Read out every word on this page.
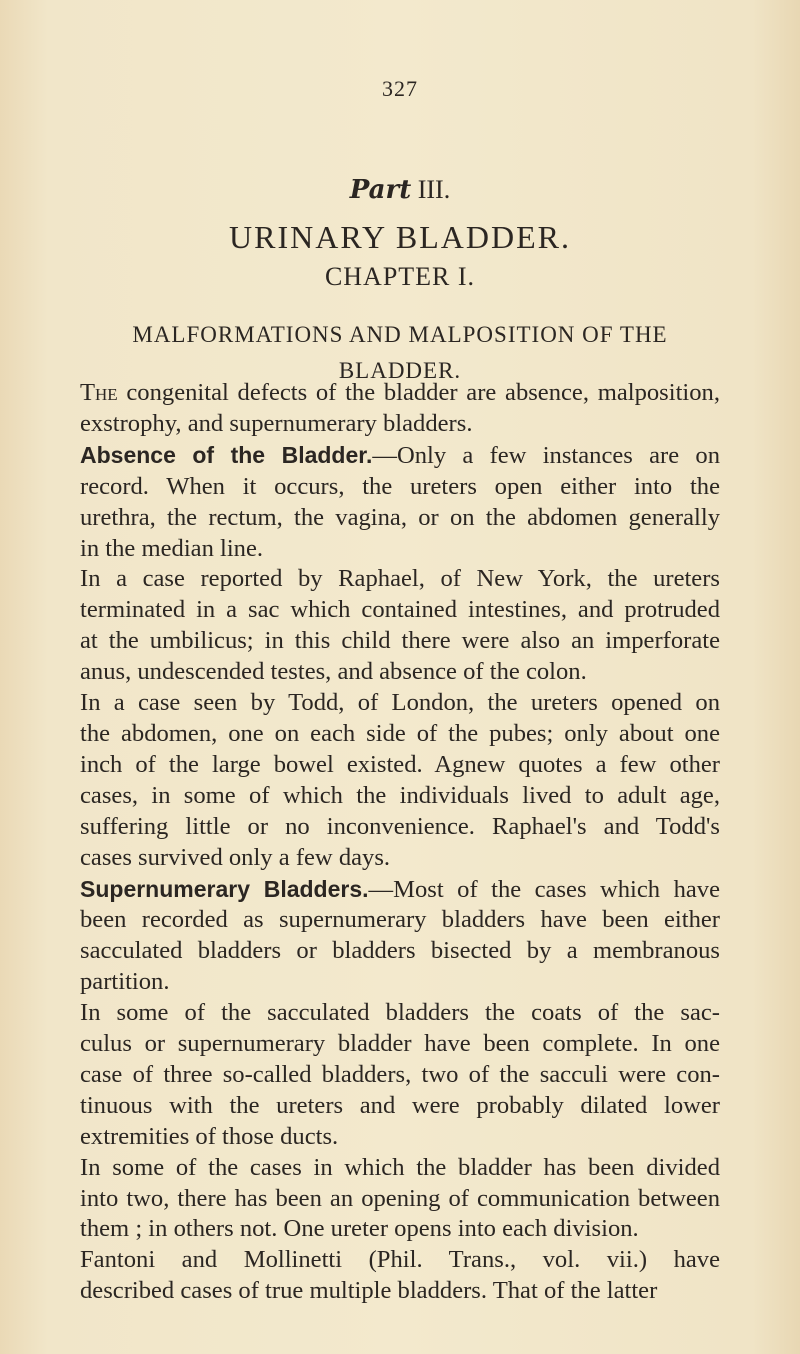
327
Part III.
URINARY BLADDER.
CHAPTER I.
MALFORMATIONS AND MALPOSITION OF THE
BLADDER.

The congenital defects of the bladder are absence, malposition,
exstrophy, and supernumerary bladders.

Absence of the Bladder.—Only a few instances are on
record. When it occurs, the ureters open either into the
urethra, the rectum, the vagina, or on the abdomen generally
in the median line.

In a case reported by Raphael, of New York, the ureters
terminated in a sac which contained intestines, and protruded
at the umbilicus; in this child there were also an imperforate
anus, undescended testes, and absence of the colon.

In a case seen by Todd, of London, the ureters opened on
the abdomen, one on each side of the pubes; only about one
inch of the large bowel existed. Agnew quotes a few other
cases, in some of which the individuals lived to adult age,
suffering little or no inconvenience. Raphael's and Todd's
cases survived only a few days.

Supernumerary Bladders.—Most of the cases which have
been recorded as supernumerary bladders have been either
sacculated bladders or bladders bisected by a membranous
partition.

In some of the sacculated bladders the coats of the sac-
culus or supernumerary bladder have been complete. In one
case of three so-called bladders, two of the sacculi were con-
tinuous with the ureters and were probably dilated lower
extremities of those ducts.

In some of the cases in which the bladder has been divided
into two, there has been an opening of communication between
them ; in others not. One ureter opens into each division.

Fantoni and Mollinetti (Phil. Trans., vol. vii.) have
described cases of true multiple bladders. That of the latter
